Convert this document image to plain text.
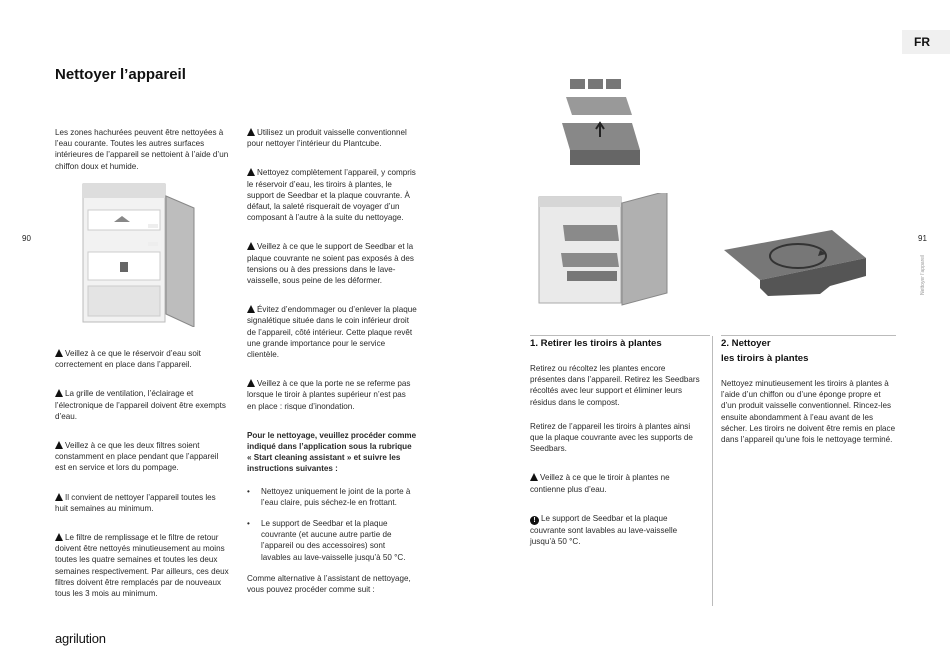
FR
Nettoyer l’appareil
90	91
Nettoyer l’appareil
Les zones hachurées peuvent être nettoyées à l’eau courante. Toutes les autres surfaces intérieures de l’appareil se nettoient à l’aide d’un chiffon doux et humide.
Veillez à ce que le réservoir d’eau soit correctement en place dans l’appareil.
La grille de ventilation, l’éclairage et l’électronique de l’appareil doivent être exempts d’eau.
Veillez à ce que les deux filtres soient constamment en place pendant que l’appareil est en service et lors du pompage.
Il convient de nettoyer l’appareil toutes les huit semaines au minimum.
Le filtre de remplissage et le filtre de retour doivent être nettoyés minutieusement au moins toutes les quatre semaines et toutes les deux semaines respectivement. Par ailleurs, ces deux filtres doivent être remplacés par de nouveaux tous les 3 mois au minimum.
Utilisez un produit vaisselle conventionnel pour nettoyer l’intérieur du Plantcube.
Nettoyez complètement l’appareil, y compris le réservoir d’eau, les tiroirs à plantes, le support de Seedbar et la plaque couvrante. À défaut, la saleté risquerait de voyager d’un composant à l’autre à la suite du nettoyage.
Veillez à ce que le support de Seedbar et la plaque couvrante ne soient pas exposés à des tensions ou à des pressions dans le lave-vaisselle, sous peine de les déformer.
Évitez d’endommager ou d’enlever la plaque signalétique située dans le coin inférieur droit de l’appareil, côté intérieur. Cette plaque revêt une grande importance pour le service clientèle.
Veillez à ce que la porte ne se referme pas lorsque le tiroir à plantes supérieur n’est pas en place : risque d’inondation.
Pour le nettoyage, veuillez procéder comme indiqué dans l’application sous la rubrique « Start cleaning assistant » et suivre les instructions suivantes :
•	Nettoyez uniquement le joint de la porte à l’eau claire, puis séchez-le en frottant.
•	Le support de Seedbar et la plaque couvrante (et aucune autre partie de l’appareil ou des accessoires) sont lavables au lave-vaisselle jusqu’à 50 °C.
Comme alternative à l’assistant de nettoyage, vous pouvez procéder comme suit :
1. Retirer les tiroirs à plantes
Retirez ou récoltez les plantes encore présentes dans l’appareil. Retirez les Seedbars récoltés avec leur support et éliminer leurs résidus dans le compost.
Retirez de l’appareil les tiroirs à plantes ainsi que la plaque couvrante avec les supports de Seedbars.
Veillez à ce que le tiroir à plantes ne contienne plus d’eau.
! Le support de Seedbar et la plaque couvrante sont lavables au lave-vaisselle jusqu’à 50 °C.
2. Nettoyer
les tiroirs à plantes
Nettoyez minutieusement les tiroirs à plantes à l’aide d’un chiffon ou d’une éponge propre et d’un produit vaisselle conventionnel. Rincez-les ensuite abondamment à l’eau avant de les sécher. Les tiroirs ne doivent être remis en place dans l’appareil qu’une fois le nettoyage terminé.
agrilution
